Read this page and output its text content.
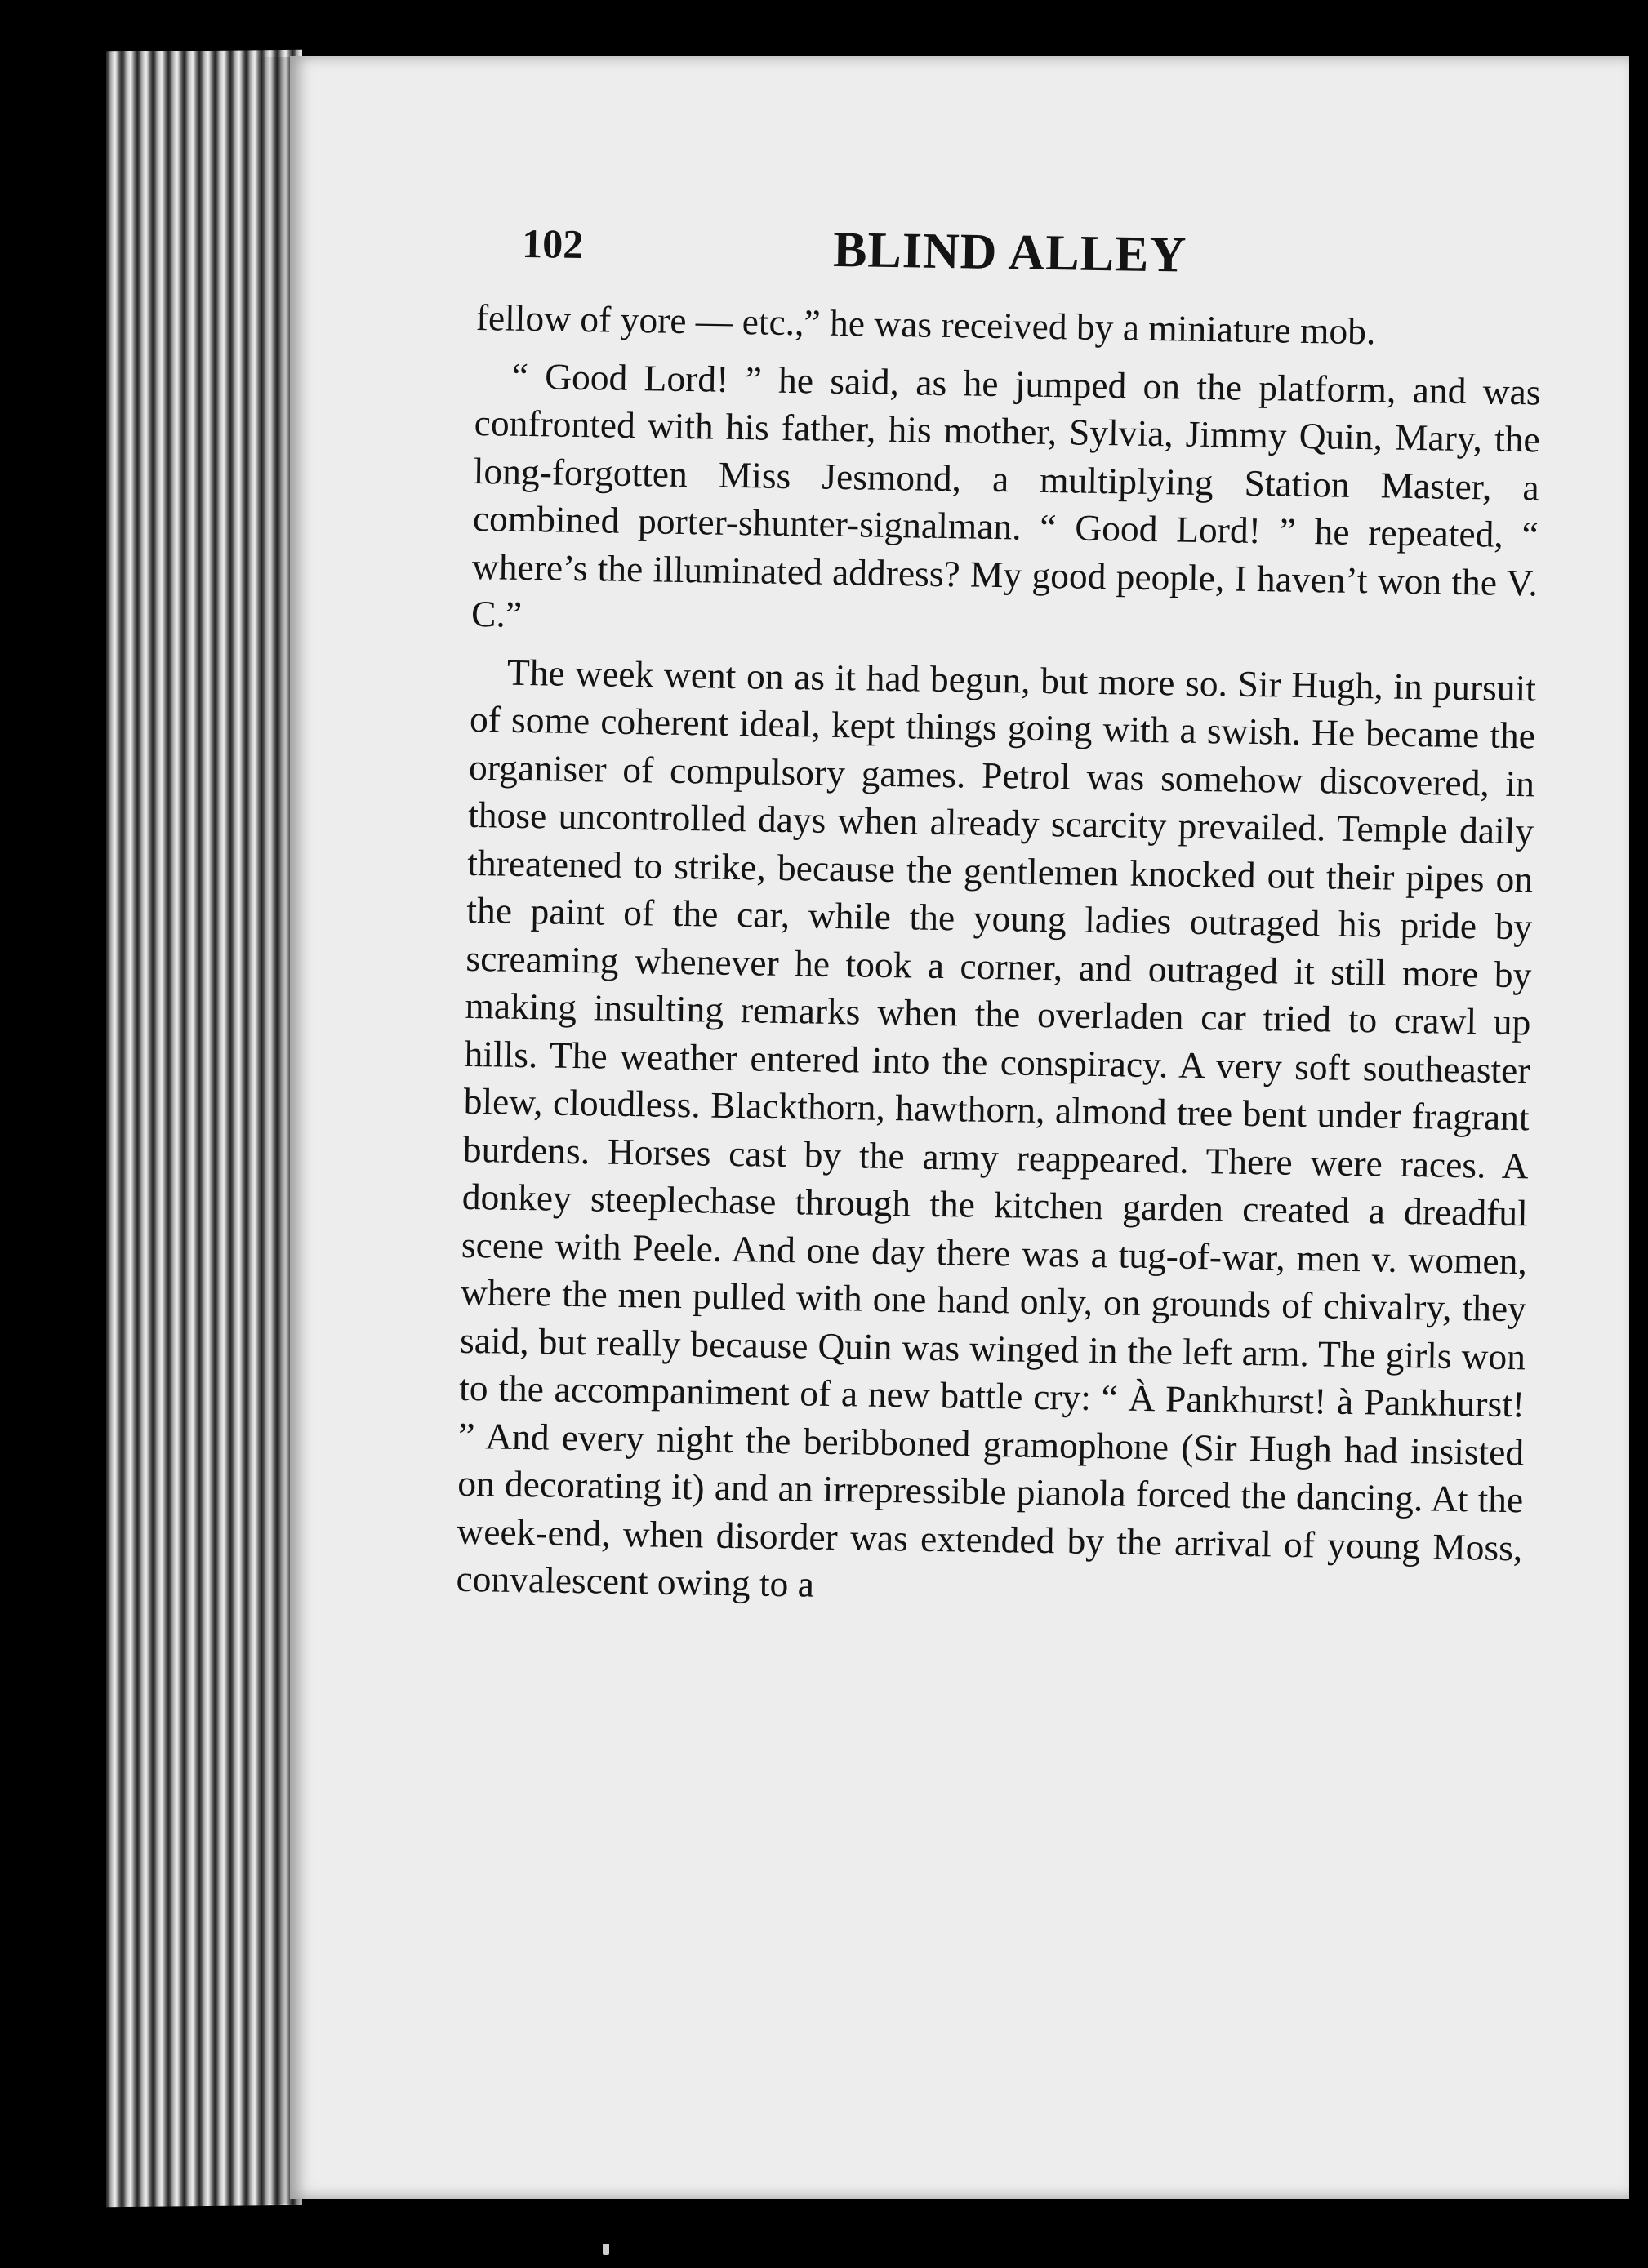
102	BLIND ALLEY

fellow of yore — etc.,” he was received by a miniature mob.

“ Good Lord! ” he said, as he jumped on the platform, and was confronted with his father, his mother, Sylvia, Jimmy Quin, Mary, the long-forgotten Miss Jesmond, a multiplying Station Master, a combined porter-shunter-signalman. “ Good Lord! ” he repeated, “ where’s the illuminated address? My good people, I haven’t won the V. C.”

The week went on as it had begun, but more so. Sir Hugh, in pursuit of some coherent ideal, kept things going with a swish. He became the organiser of compulsory games. Petrol was somehow discovered, in those uncontrolled days when already scarcity prevailed. Temple daily threatened to strike, because the gentlemen knocked out their pipes on the paint of the car, while the young ladies outraged his pride by screaming whenever he took a corner, and outraged it still more by making insulting remarks when the overladen car tried to crawl up hills. The weather entered into the conspiracy. A very soft southeaster blew, cloudless. Blackthorn, hawthorn, almond tree bent under fragrant burdens. Horses cast by the army reappeared. There were races. A donkey steeplechase through the kitchen garden created a dreadful scene with Peele. And one day there was a tug-of-war, men v. women, where the men pulled with one hand only, on grounds of chivalry, they said, but really because Quin was winged in the left arm. The girls won to the accompaniment of a new battle cry: “ À Pankhurst! à Pankhurst! ” And every night the beribboned gramophone (Sir Hugh had insisted on decorating it) and an irrepressible pianola forced the dancing. At the week-end, when disorder was extended by the arrival of young Moss, convalescent owing to a
